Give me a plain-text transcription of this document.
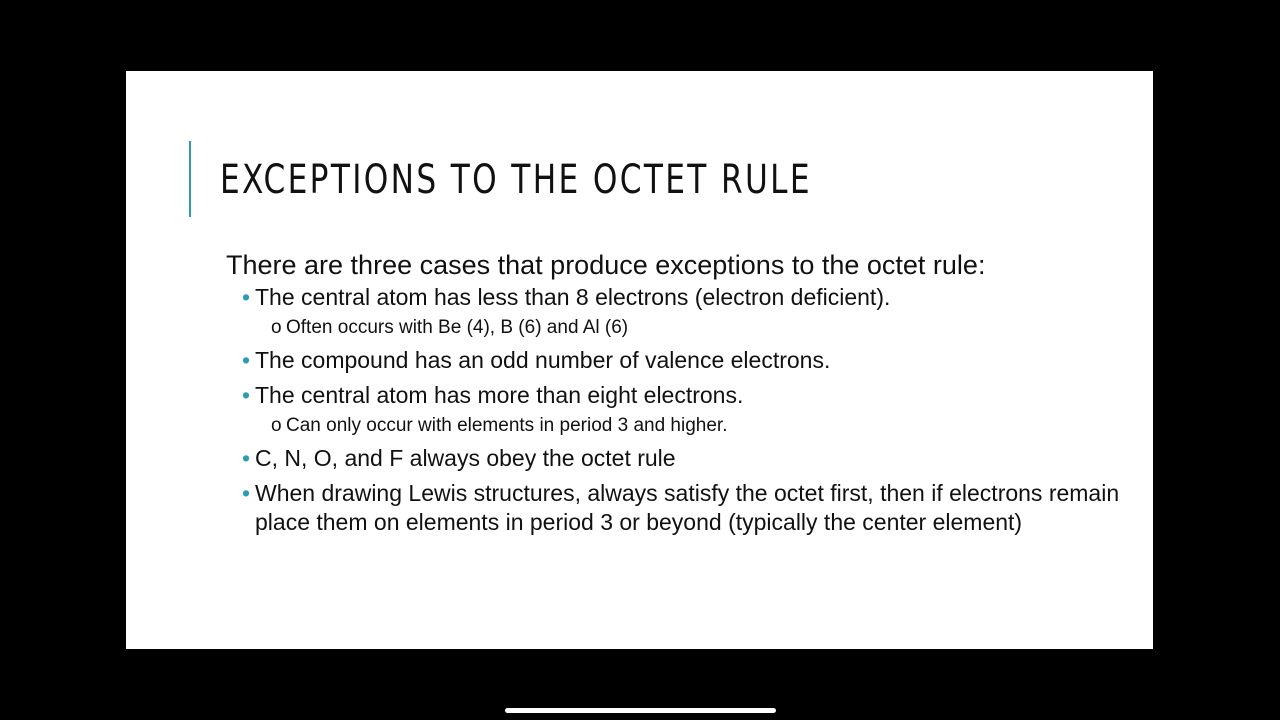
EXCEPTIONS TO THE OCTET RULE
There are three cases that produce exceptions to the octet rule:
• The central atom has less than 8 electrons (electron deficient).
o Often occurs with Be (4), B (6) and Al (6)
• The compound has an odd number of valence electrons.
• The central atom has more than eight electrons.
o Can only occur with elements in period 3 and higher.
• C, N, O, and F always obey the octet rule
• When drawing Lewis structures, always satisfy the octet first, then if electrons remain place them on elements in period 3 or beyond (typically the center element)
